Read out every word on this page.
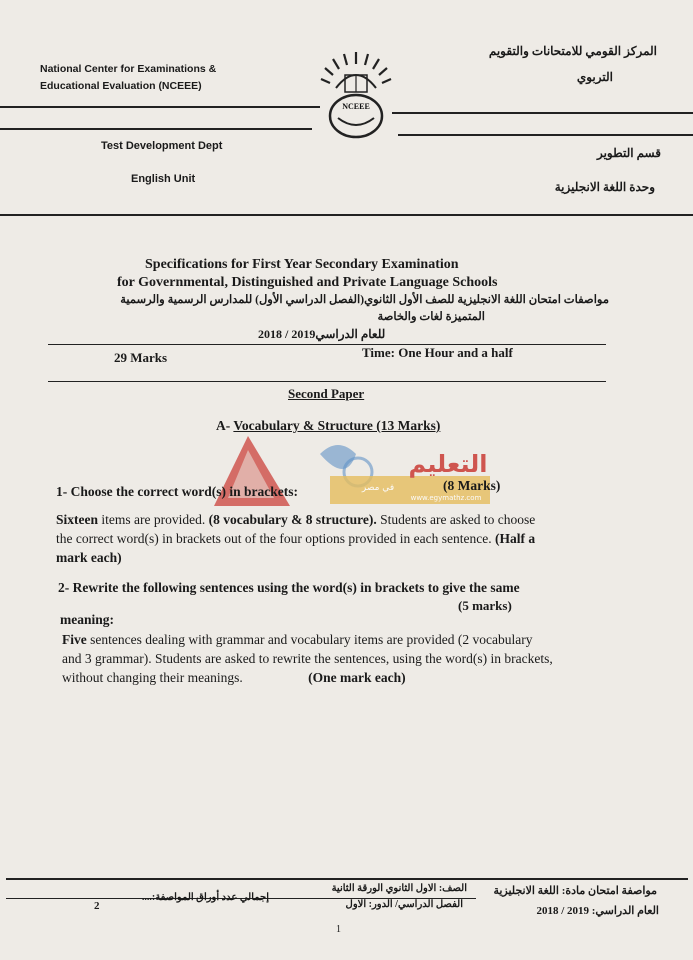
National Center for Examinations &
Educational Evaluation (NCEEE)
المركز القومي للامتحانات والتقويم
التربوي
NCEEE
Test Development Dept
English Unit
قسم التطوير
وحدة اللغة الانجليزية
Specifications for First Year Secondary Examination
for Governmental, Distinguished and Private Language Schools
مواصفات امتحان اللغة الانجليزية للصف الأول الثانوي(الفصل الدراسي الأول) للمدارس الرسمية والرسمية
المتميزة لغات والخاصة
للعام الدراسي2019 / 2018
29 Marks	Time: One Hour and a half
Second Paper
A- Vocabulary & Structure (13 Marks)
التعليم
في مصر
www.egymathz.com
1- Choose the correct word(s) in brackets:	(8 Marks)
Sixteen items are provided. (8 vocabulary & 8 structure). Students are asked to choose
the correct word(s) in brackets out of the four options provided in each sentence. (Half a
mark each)
2- Rewrite the following sentences using the word(s) in brackets to give the same
(5 marks)
meaning:
Five sentences dealing with grammar and vocabulary items are provided (2 vocabulary
and 3 grammar). Students are asked to rewrite the sentences, using the word(s) in brackets,
without changing their meanings.	(One mark each)
مواصفة امتحان مادة: اللغة الانجليزية
العام الدراسي: 2019 / 2018
الصف: الاول الثانوي الورقة الثانية
الفصل الدراسي/ الدور: الاول
إجمالي عدد أوراق المواصفة:....
2
1
